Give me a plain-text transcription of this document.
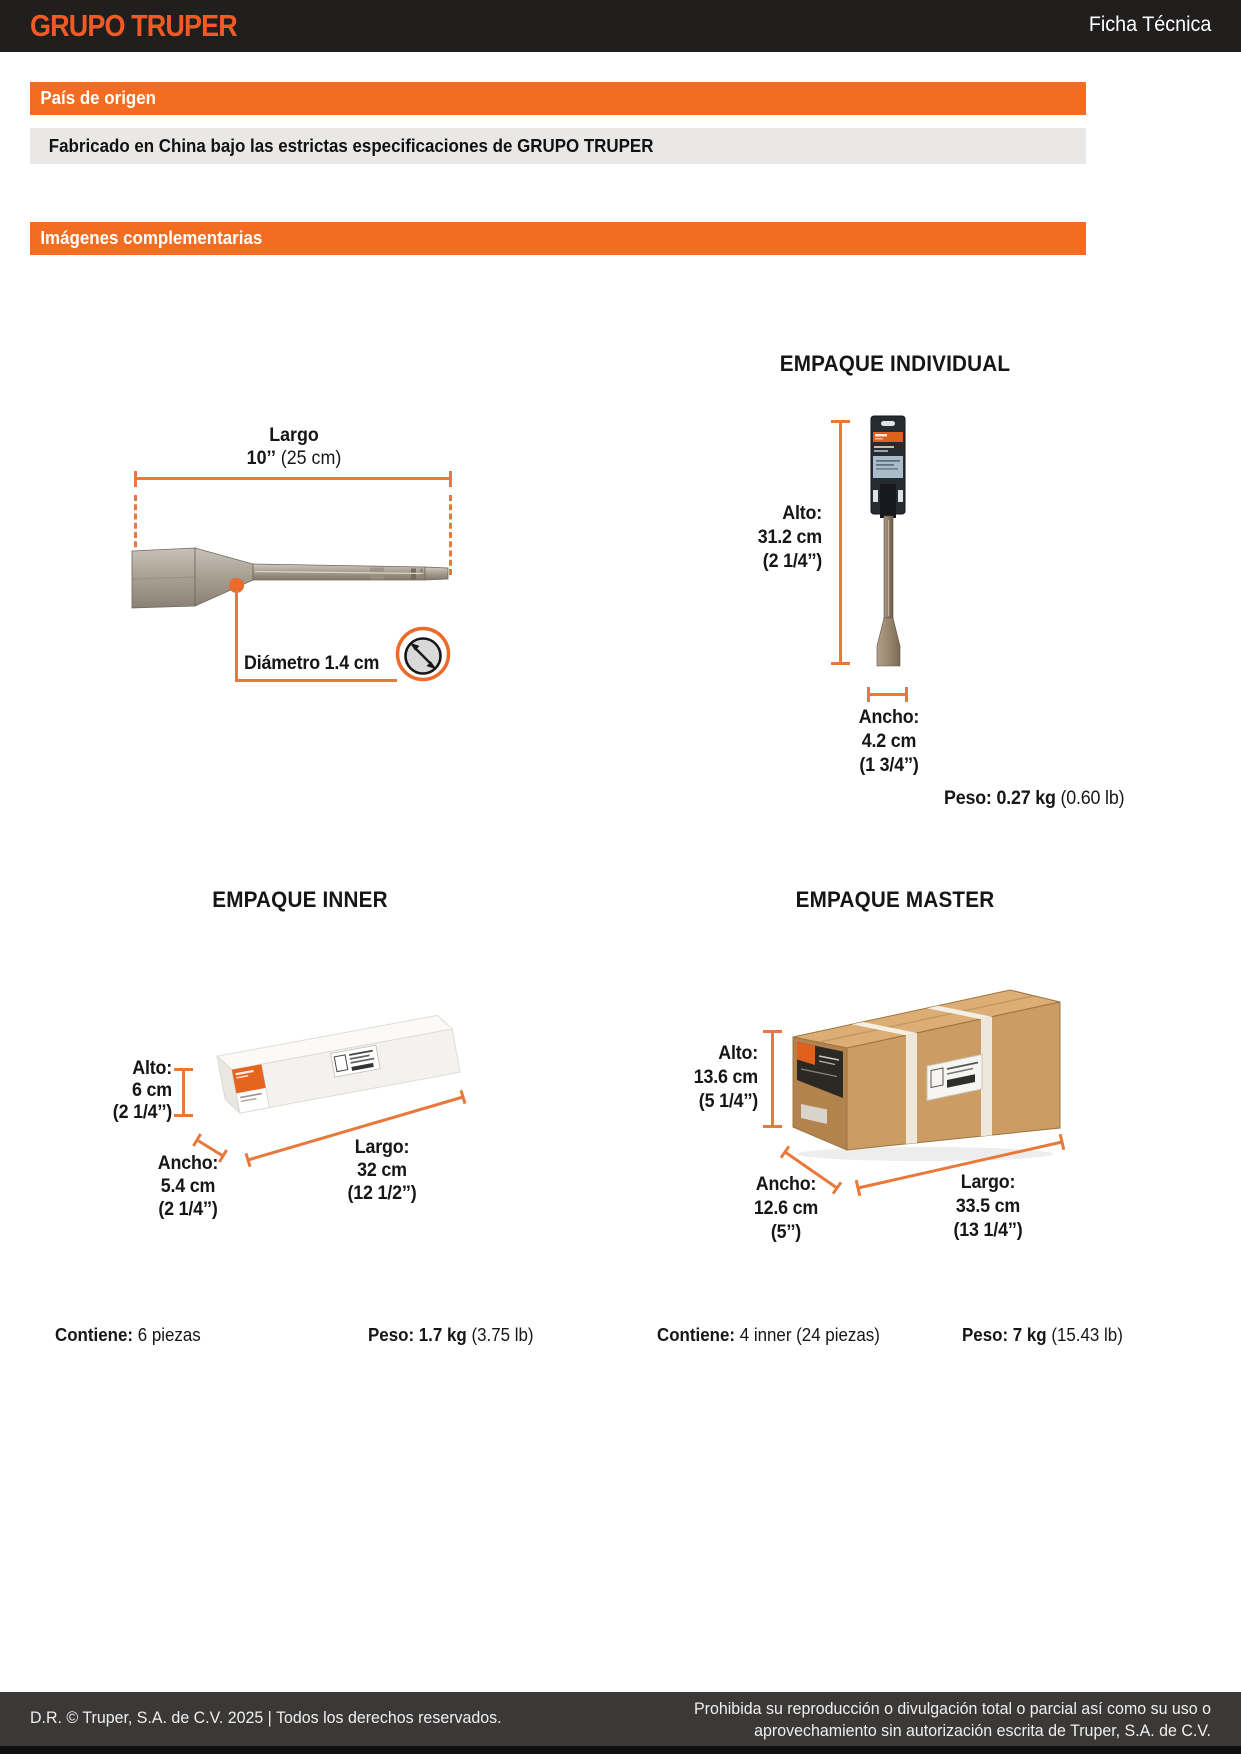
GRUPO TRUPER	Ficha Técnica
País de origen
Fabricado en China bajo las estrictas especificaciones de GRUPO TRUPER
Imágenes complementarias
Largo
10’’ (25 cm)
Diámetro 1.4 cm
EMPAQUE INDIVIDUAL
Alto:
31.2 cm
(2 1/4’’)
Ancho:
4.2 cm
(1 3/4’’)
Peso: 0.27 kg (0.60 lb)
EMPAQUE INNER
Alto:
6 cm
(2 1/4’’)
Ancho:
5.4 cm
(2 1/4’’)
Largo:
32 cm
(12 1/2’’)
EMPAQUE MASTER
Alto:
13.6 cm
(5 1/4’’)
Ancho:
12.6 cm
(5’’)
Largo:
33.5 cm
(13 1/4’’)
Contiene: 6 piezas	Peso: 1.7 kg (3.75 lb)	Contiene: 4 inner (24 piezas)	Peso: 7 kg (15.43 lb)
D.R. © Truper, S.A. de C.V. 2025 | Todos los derechos reservados.	Prohibida su reproducción o divulgación total o parcial así como su uso o
aprovechamiento sin autorización escrita de Truper, S.A. de C.V.
